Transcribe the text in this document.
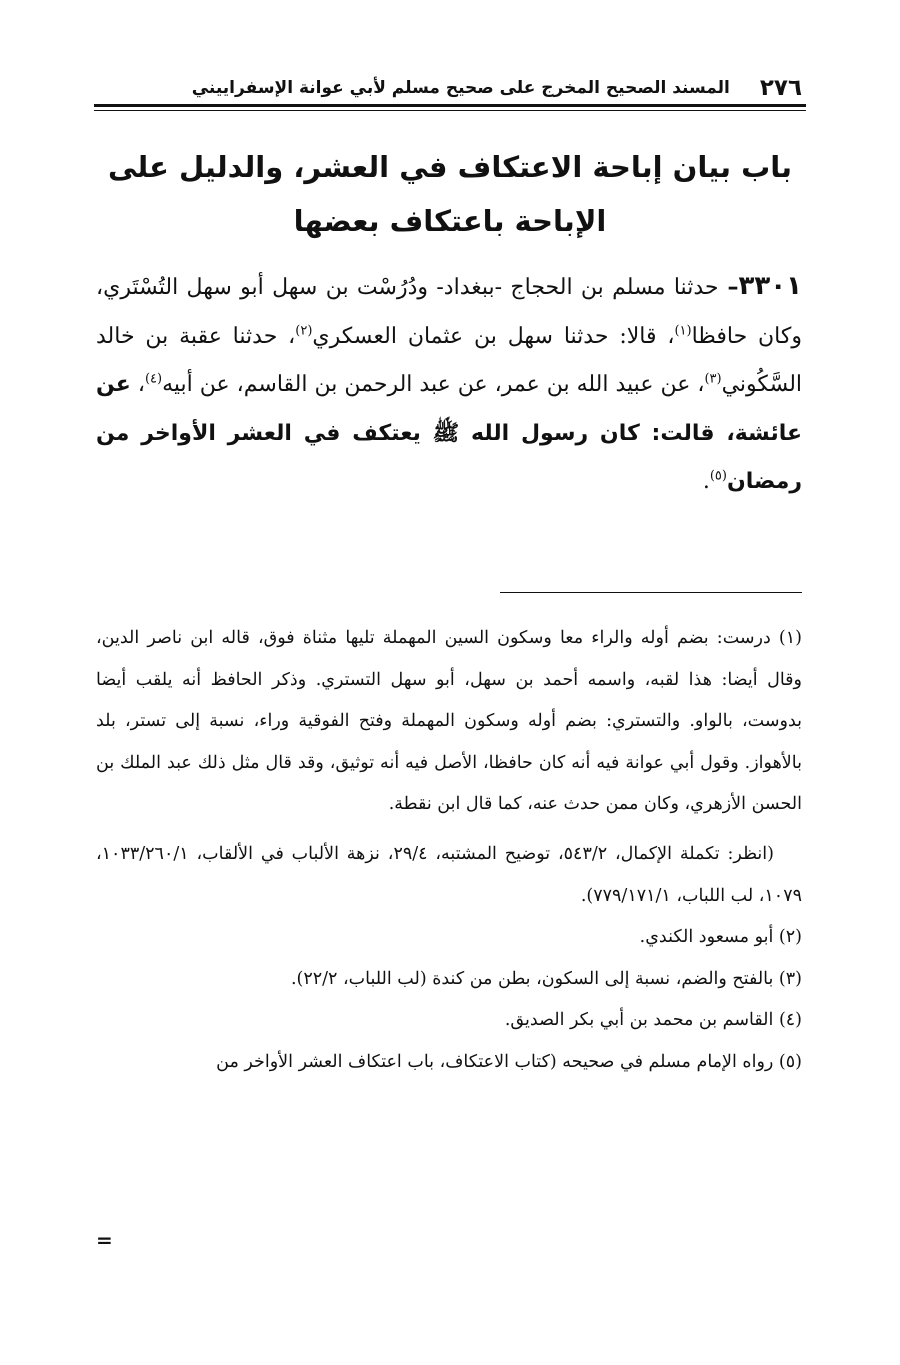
٢٧٦
المسند الصحيح المخرج على صحيح مسلم لأبي عوانة الإسفراييني
باب بيان إباحة الاعتكاف في العشر، والدليل على الإباحة باعتكاف بعضها
٣٣٠١– حدثنا مسلم بن الحجاج -ببغداد- ودُرُسْت بن سهل أبو سهل التُسْتَري، وكان حافظا$^{(١)}$، قالا: حدثنا سهل بن عثمان العسكري$^{(٢)}$، حدثنا عقبة بن خالد السَّكُوني$^{(٣)}$، عن عبيد الله بن عمر، عن عبد الرحمن بن القاسم، عن أبيه$^{(٤)}$، عن عائشة، قالت: كان رسول الله ﷺ يعتكف في العشر الأواخر من رمضان$^{(٥)}$.

(١) درست: بضم أوله والراء معا وسكون السين المهملة تليها مثناة فوق، قاله ابن ناصر الدين، وقال أيضا: هذا لقبه، واسمه أحمد بن سهل، أبو سهل التستري. وذكر الحافظ أنه يلقب أيضا بدوست، بالواو. والتستري: بضم أوله وسكون المهملة وفتح الفوقية وراء، نسبة إلى تستر، بلد بالأهواز. وقول أبي عوانة فيه أنه كان حافظا، الأصل فيه أنه توثيق، وقد قال مثل ذلك عبد الملك بن الحسن الأزهري، وكان ممن حدث عنه، كما قال ابن نقطة.

(انظر: تكملة الإكمال، ٥٤٣/٢، توضيح المشتبه، ٢٩/٤، نزهة الألباب في الألقاب، ١٠٣٣/٢٦٠/١، ١٠٧٩، لب اللباب، ٧٧٩/١٧١/١).

(٢) أبو مسعود الكندي.

(٣) بالفتح والضم، نسبة إلى السكون، بطن من كندة (لب اللباب، ٢٢/٢).

(٤) القاسم بن محمد بن أبي بكر الصديق.

(٥) رواه الإمام مسلم في صحيحه (كتاب الاعتكاف، باب اعتكاف العشر الأواخر من

=
